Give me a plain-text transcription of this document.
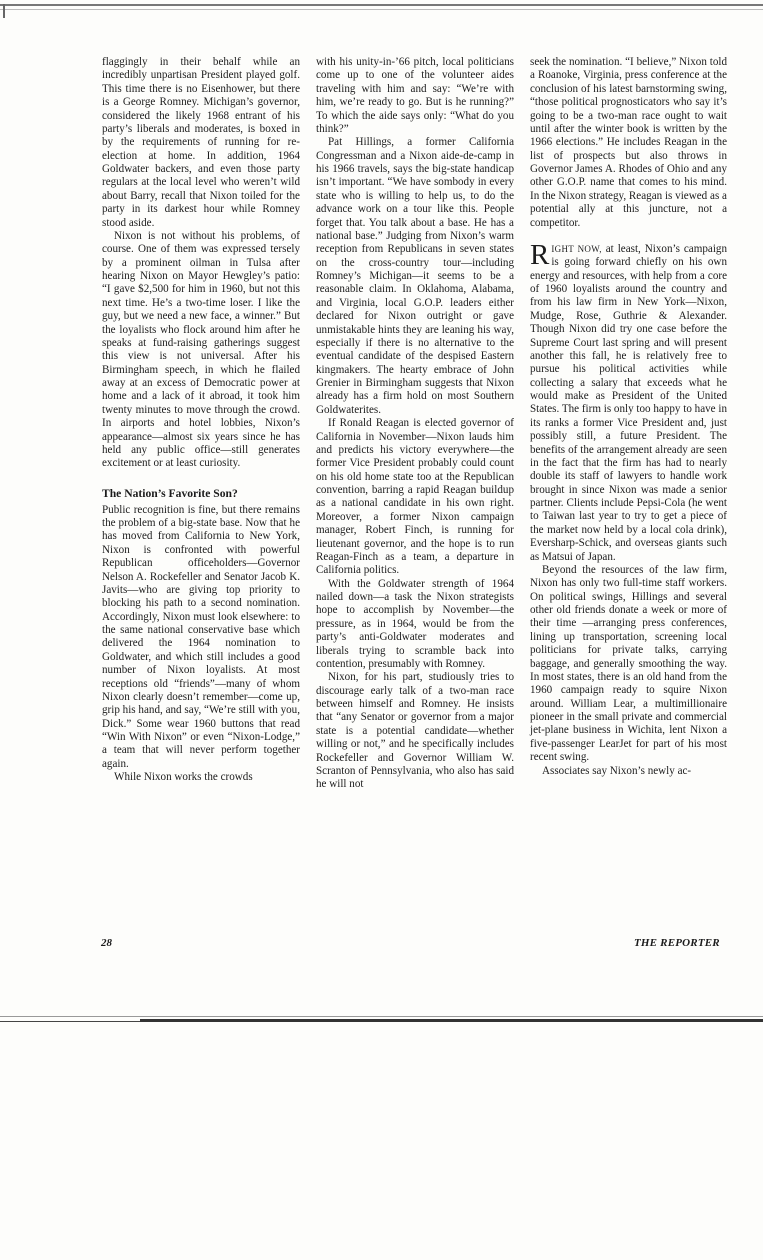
flaggingly in their behalf while an incredibly unpartisan President played golf. This time there is no Eisenhower, but there is a George Romney. Michigan’s governor, considered the likely 1968 entrant of his party’s liberals and moderates, is boxed in by the requirements of running for re-election at home. In addition, 1964 Goldwater backers, and even those party regulars at the local level who weren’t wild about Barry, recall that Nixon toiled for the party in its darkest hour while Romney stood aside.

Nixon is not without his problems, of course. One of them was expressed tersely by a prominent oilman in Tulsa after hearing Nixon on Mayor Hewgley’s patio: “I gave $2,500 for him in 1960, but not this next time. He’s a two-time loser. I like the guy, but we need a new face, a winner.” But the loyalists who flock around him after he speaks at fund-raising gatherings suggest this view is not universal. After his Birmingham speech, in which he flailed away at an excess of Democratic power at home and a lack of it abroad, it took him twenty minutes to move through the crowd. In airports and hotel lobbies, Nixon’s appearance—almost six years since he has held any public office—still generates excitement or at least curiosity.

The Nation’s Favorite Son?

Public recognition is fine, but there remains the problem of a big-state base. Now that he has moved from California to New York, Nixon is confronted with powerful Republican officeholders—Governor Nelson A. Rockefeller and Senator Jacob K. Javits—who are giving top priority to blocking his path to a second nomination. Accordingly, Nixon must look elsewhere: to the same national conservative base which delivered the 1964 nomination to Goldwater, and which still includes a good number of Nixon loyalists. At most receptions old “friends”—many of whom Nixon clearly doesn’t remember—come up, grip his hand, and say, “We’re still with you, Dick.” Some wear 1960 buttons that read “Win With Nixon” or even “Nixon-Lodge,” a team that will never perform together again.

While Nixon works the crowds

with his unity-in-’66 pitch, local politicians come up to one of the volunteer aides traveling with him and say: “We’re with him, we’re ready to go. But is he running?” To which the aide says only: “What do you think?”

Pat Hillings, a former California Congressman and a Nixon aide-de-camp in his 1966 travels, says the big-state handicap isn’t important. “We have sombody in every state who is willing to help us, to do the advance work on a tour like this. People forget that. You talk about a base. He has a national base.” Judging from Nixon’s warm reception from Republicans in seven states on the cross-country tour—including Romney’s Michigan—it seems to be a reasonable claim. In Oklahoma, Alabama, and Virginia, local G.O.P. leaders either declared for Nixon outright or gave unmistakable hints they are leaning his way, especially if there is no alternative to the eventual candidate of the despised Eastern kingmakers. The hearty embrace of John Grenier in Birmingham suggests that Nixon already has a firm hold on most Southern Goldwaterites.

If Ronald Reagan is elected governor of California in November—Nixon lauds him and predicts his victory everywhere—the former Vice President probably could count on his old home state too at the Republican convention, barring a rapid Reagan buildup as a national candidate in his own right. Moreover, a former Nixon campaign manager, Robert Finch, is running for lieutenant governor, and the hope is to run Reagan-Finch as a team, a departure in California politics.

With the Goldwater strength of 1964 nailed down—a task the Nixon strategists hope to accomplish by November—the pressure, as in 1964, would be from the party’s anti-Goldwater moderates and liberals trying to scramble back into contention, presumably with Romney.

Nixon, for his part, studiously tries to discourage early talk of a two-man race between himself and Romney. He insists that “any Senator or governor from a major state is a potential candidate—whether willing or not,” and he specifically includes Rockefeller and Governor William W. Scranton of Pennsylvania, who also has said he will not

seek the nomination. “I believe,” Nixon told a Roanoke, Virginia, press conference at the conclusion of his latest barnstorming swing, “those political prognosticators who say it’s going to be a two-man race ought to wait until after the winter book is written by the 1966 elections.” He includes Reagan in the list of prospects but also throws in Governor James A. Rhodes of Ohio and any other G.O.P. name that comes to his mind. In the Nixon strategy, Reagan is viewed as a potential ally at this juncture, not a competitor.

RIGHT NOW, at least, Nixon’s campaign is going forward chiefly on his own energy and resources, with help from a core of 1960 loyalists around the country and from his law firm in New York—Nixon, Mudge, Rose, Guthrie & Alexander. Though Nixon did try one case before the Supreme Court last spring and will present another this fall, he is relatively free to pursue his political activities while collecting a salary that exceeds what he would make as President of the United States. The firm is only too happy to have in its ranks a former Vice President and, just possibly still, a future President. The benefits of the arrangement already are seen in the fact that the firm has had to nearly double its staff of lawyers to handle work brought in since Nixon was made a senior partner. Clients include Pepsi-Cola (he went to Taiwan last year to try to get a piece of the market now held by a local cola drink), Eversharp-Schick, and overseas giants such as Matsui of Japan.

Beyond the resources of the law firm, Nixon has only two full-time staff workers. On political swings, Hillings and several other old friends donate a week or more of their time —arranging press conferences, lining up transportation, screening local politicians for private talks, carrying baggage, and generally smoothing the way. In most states, there is an old hand from the 1960 campaign ready to squire Nixon around. William Lear, a multimillionaire pioneer in the small private and commercial jet-plane business in Wichita, lent Nixon a five-passenger LearJet for part of his most recent swing.

Associates say Nixon’s newly ac-

28	THE REPORTER
